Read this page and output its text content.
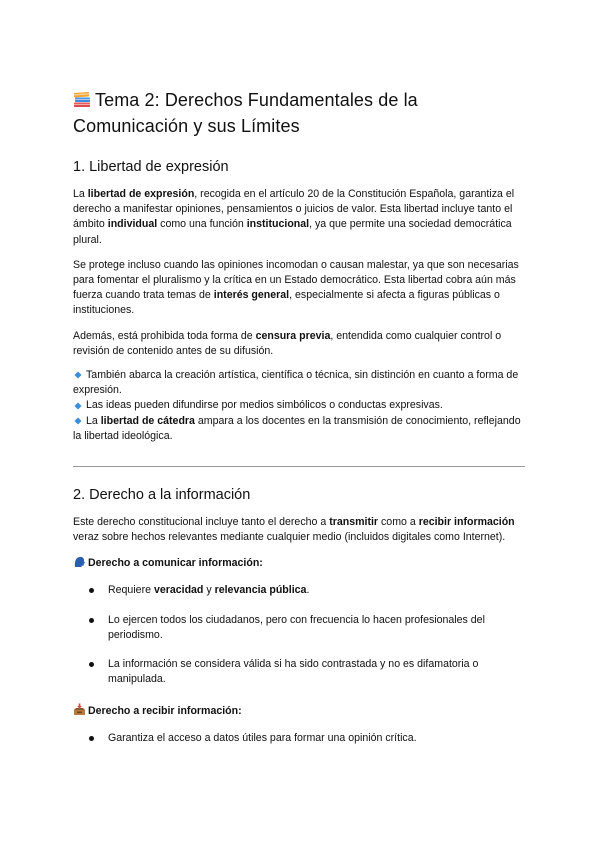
Tema 2: Derechos Fundamentales de la
Comunicación y sus Límites
1. Libertad de expresión

La libertad de expresión, recogida en el artículo 20 de la Constitución Española, garantiza el derecho a manifestar opiniones, pensamientos o juicios de valor. Esta libertad incluye tanto el ámbito individual como una función institucional, ya que permite una sociedad democrática plural.

Se protege incluso cuando las opiniones incomodan o causan malestar, ya que son necesarias para fomentar el pluralismo y la crítica en un Estado democrático. Esta libertad cobra aún más fuerza cuando trata temas de interés general, especialmente si afecta a figuras públicas o instituciones.

Además, está prohibida toda forma de censura previa, entendida como cualquier control o revisión de contenido antes de su difusión.

También abarca la creación artística, científica o técnica, sin distinción en cuanto a forma de expresión.

Las ideas pueden difundirse por medios simbólicos o conductas expresivas.

La libertad de cátedra ampara a los docentes en la transmisión de conocimiento, reflejando la libertad ideológica.

2. Derecho a la información

Este derecho constitucional incluye tanto el derecho a transmitir como a recibir información veraz sobre hechos relevantes mediante cualquier medio (incluidos digitales como Internet).

Derecho a comunicar información:

Requiere veracidad y relevancia pública.
Lo ejercen todos los ciudadanos, pero con frecuencia lo hacen profesionales del periodismo.
La información se considera válida si ha sido contrastada y no es difamatoria o manipulada.

Derecho a recibir información:

Garantiza el acceso a datos útiles para formar una opinión crítica.
